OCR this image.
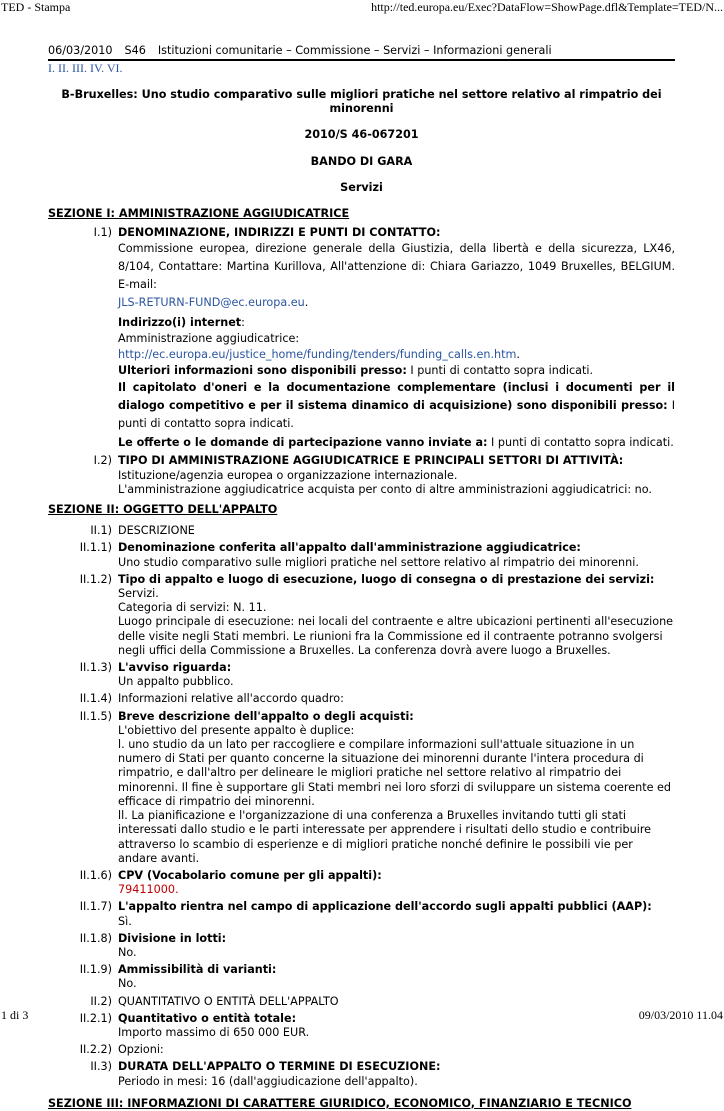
TED - Stampa	http://ted.europa.eu/Exec?DataFlow=ShowPage.dfl&Template=TED/N...
06/03/2010 S46 Istituzioni comunitarie – Commissione – Servizi – Informazioni generali
I. II. III. IV. VI.
B-Bruxelles: Uno studio comparativo sulle migliori pratiche nel settore relativo al rimpatrio dei minorenni
2010/S 46-067201
BANDO DI GARA
Servizi
SEZIONE I: AMMINISTRAZIONE AGGIUDICATRICE
I.1) DENOMINAZIONE, INDIRIZZI E PUNTI DI CONTATTO:
Commissione europea, direzione generale della Giustizia, della libertà e della sicurezza, LX46, 8/104, Contattare: Martina Kurillova, All'attenzione di: Chiara Gariazzo, 1049 Bruxelles, BELGIUM. E-mail:
JLS-RETURN-FUND@ec.europa.eu.
Indirizzo(i) internet:
Amministrazione aggiudicatrice: http://ec.europa.eu/justice_home/funding/tenders/funding_calls.en.htm.
Ulteriori informazioni sono disponibili presso: I punti di contatto sopra indicati.
Il capitolato d'oneri e la documentazione complementare (inclusi i documenti per il dialogo competitivo e per il sistema dinamico di acquisizione) sono disponibili presso: I punti di contatto sopra indicati.
Le offerte o le domande di partecipazione vanno inviate a: I punti di contatto sopra indicati.
I.2) TIPO DI AMMINISTRAZIONE AGGIUDICATRICE E PRINCIPALI SETTORI DI ATTIVITÀ:
Istituzione/agenzia europea o organizzazione internazionale.
L'amministrazione aggiudicatrice acquista per conto di altre amministrazioni aggiudicatrici: no.
SEZIONE II: OGGETTO DELL'APPALTO
II.1) DESCRIZIONE
II.1.1) Denominazione conferita all'appalto dall'amministrazione aggiudicatrice:
Uno studio comparativo sulle migliori pratiche nel settore relativo al rimpatrio dei minorenni.
II.1.2) Tipo di appalto e luogo di esecuzione, luogo di consegna o di prestazione dei servizi:
Servizi.
Categoria di servizi: N. 11.
Luogo principale di esecuzione: nei locali del contraente e altre ubicazioni pertinenti all'esecuzione delle visite negli Stati membri. Le riunioni fra la Commissione ed il contraente potranno svolgersi negli uffici della Commissione a Bruxelles. La conferenza dovrà avere luogo a Bruxelles.
II.1.3) L'avviso riguarda:
Un appalto pubblico.
II.1.4) Informazioni relative all'accordo quadro:
II.1.5) Breve descrizione dell'appalto o degli acquisti:
L'obiettivo del presente appalto è duplice:
l. uno studio da un lato per raccogliere e compilare informazioni sull'attuale situazione in un numero di Stati per quanto concerne la situazione dei minorenni durante l'intera procedura di rimpatrio, e dall'altro per delineare le migliori pratiche nel settore relativo al rimpatrio dei minorenni. Il fine è supportare gli Stati membri nei loro sforzi di sviluppare un sistema coerente ed efficace di rimpatrio dei minorenni.
ll. La pianificazione e l'organizzazione di una conferenza a Bruxelles invitando tutti gli stati interessati dallo studio e le parti interessate per apprendere i risultati dello studio e contribuire attraverso lo scambio di esperienze e di migliori pratiche nonché definire le possibili vie per andare avanti.
II.1.6) CPV (Vocabolario comune per gli appalti):
79411000.
II.1.7) L'appalto rientra nel campo di applicazione dell'accordo sugli appalti pubblici (AAP):
Sì.
II.1.8) Divisione in lotti:
No.
II.1.9) Ammissibilità di varianti:
No.
II.2) QUANTITATIVO O ENTITÀ DELL'APPALTO
II.2.1) Quantitativo o entità totale:
Importo massimo di 650 000 EUR.
II.2.2) Opzioni:
II.3) DURATA DELL'APPALTO O TERMINE DI ESECUZIONE:
Periodo in mesi: 16 (dall'aggiudicazione dell'appalto).
SEZIONE III: INFORMAZIONI DI CARATTERE GIURIDICO, ECONOMICO, FINANZIARIO E TECNICO
1 di 3	09/03/2010 11.04
